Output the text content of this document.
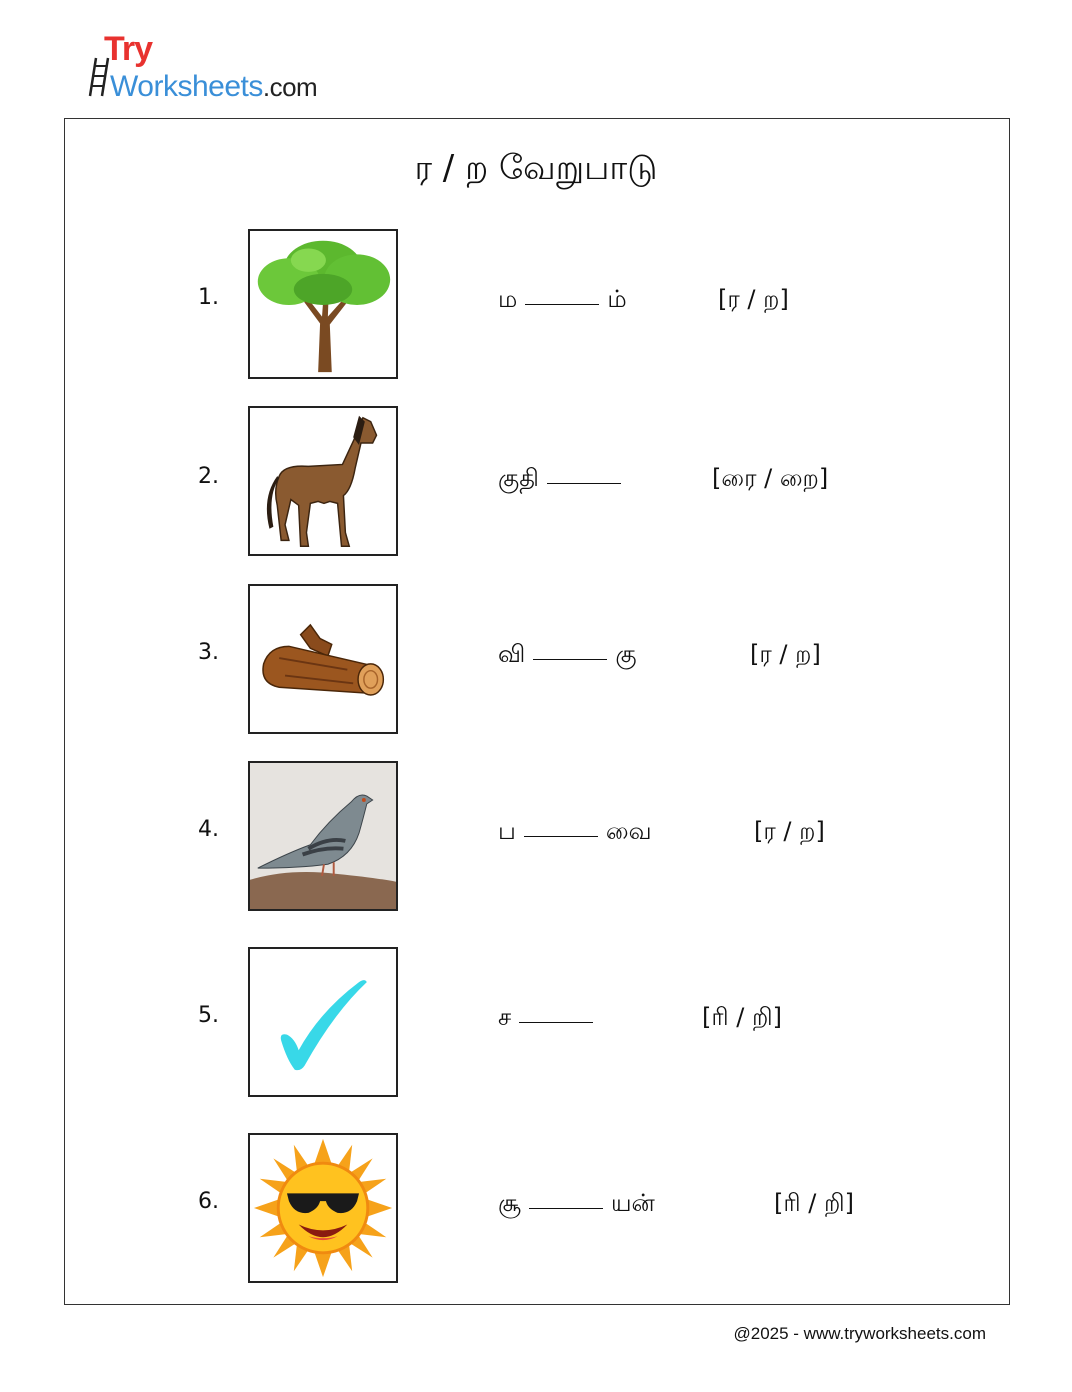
Try
Worksheets.com
ர / ற வேறுபாடு
1.	ம	ம்	[ர / ற]
2.	குதி	[ரை / றை]
3.	வி	கு	[ர / ற]
4.	ப	வை	[ர / ற]
5.	ச	[ரி / றி]
6.	சூ	யன்	[ரி / றி]
@2025 - www.tryworksheets.com
